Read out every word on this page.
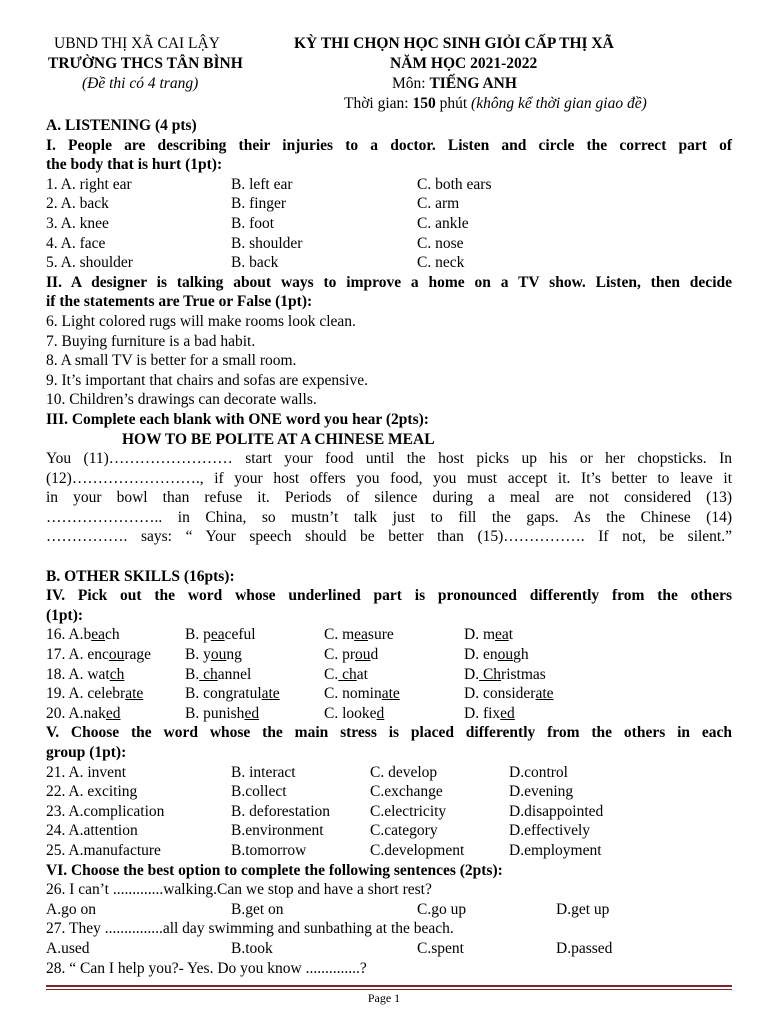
UBND THỊ XÃ CAI LẬY
TRƯỜNG THCS TÂN BÌNH
(Đề thi có 4 trang)
KỲ THI CHỌN HỌC SINH GIỎI CẤP THỊ XÃ
NĂM HỌC 2021-2022
Môn: TIẾNG ANH
Thời gian: 150 phút (không kể thời gian giao đề)
A. LISTENING (4 pts)
I. People are describing their injuries to a doctor. Listen and circle the correct part of
the body that is hurt (1pt):
1. A. right ear	B. left ear	C. both ears
2. A. back	B. finger	C. arm
3. A. knee	B. foot	C. ankle
4. A. face	B. shoulder	C. nose
5. A. shoulder	B. back	C. neck
II. A designer is talking about ways to improve a home on a TV show. Listen, then decide
if the statements are True or False (1pt):
6. Light colored rugs will make rooms look clean.
7. Buying furniture is a bad habit.
8. A small TV is better for a small room.
9. It’s important that chairs and sofas are expensive.
10. Children’s drawings can decorate walls.
III. Complete each blank with ONE word you hear (2pts):
HOW TO BE POLITE AT A CHINESE MEAL
You (11)…………………… start your food until the host picks up his or her chopsticks. In
(12)……………………., if your host offers you food, you must accept it. It’s better to leave it
in your bowl than refuse it. Periods of silence during a meal are not considered (13)
………………….. in China, so mustn’t talk just to fill the gaps. As the Chinese (14)
……………. says: “ Your speech should be better than (15)……………. If not, be silent.”
B. OTHER SKILLS (16pts):
IV. Pick out the word whose underlined part is pronounced differently from the others
(1pt):
16. A.beach	B. peaceful	C. measure	D. meat
17. A. encourage B. young	C. proud	D. enough
18. A. watch	B. channel	C. chat	D. Christmas
19. A. celebrate	B. congratulate	C. nominate	D. considerate
20. A.naked	B. punished	C. looked	D. fixed
V. Choose the word whose the main stress is placed differently from the others in each
group (1pt):
21. A. invent	B. interact	C. develop	D.control
22. A. exciting	B.collect	C.exchange	D.evening
23. A.complication	B. deforestation	C.electricity	D.disappointed
24. A.attention	B.environment	C.category	D.effectively
25. A.manufacture	B.tomorrow	C.development	D.employment
VI. Choose the best option to complete the following sentences (2pts):
26. I can’t .............walking.Can we stop and have a short rest?
A.go on	B.get on	C.go up	D.get up
27. They ...............all day swimming and sunbathing at the beach.
A.used	B.took	C.spent	D.passed
28. “ Can I help you?- Yes. Do you know ..............?
Page 1
